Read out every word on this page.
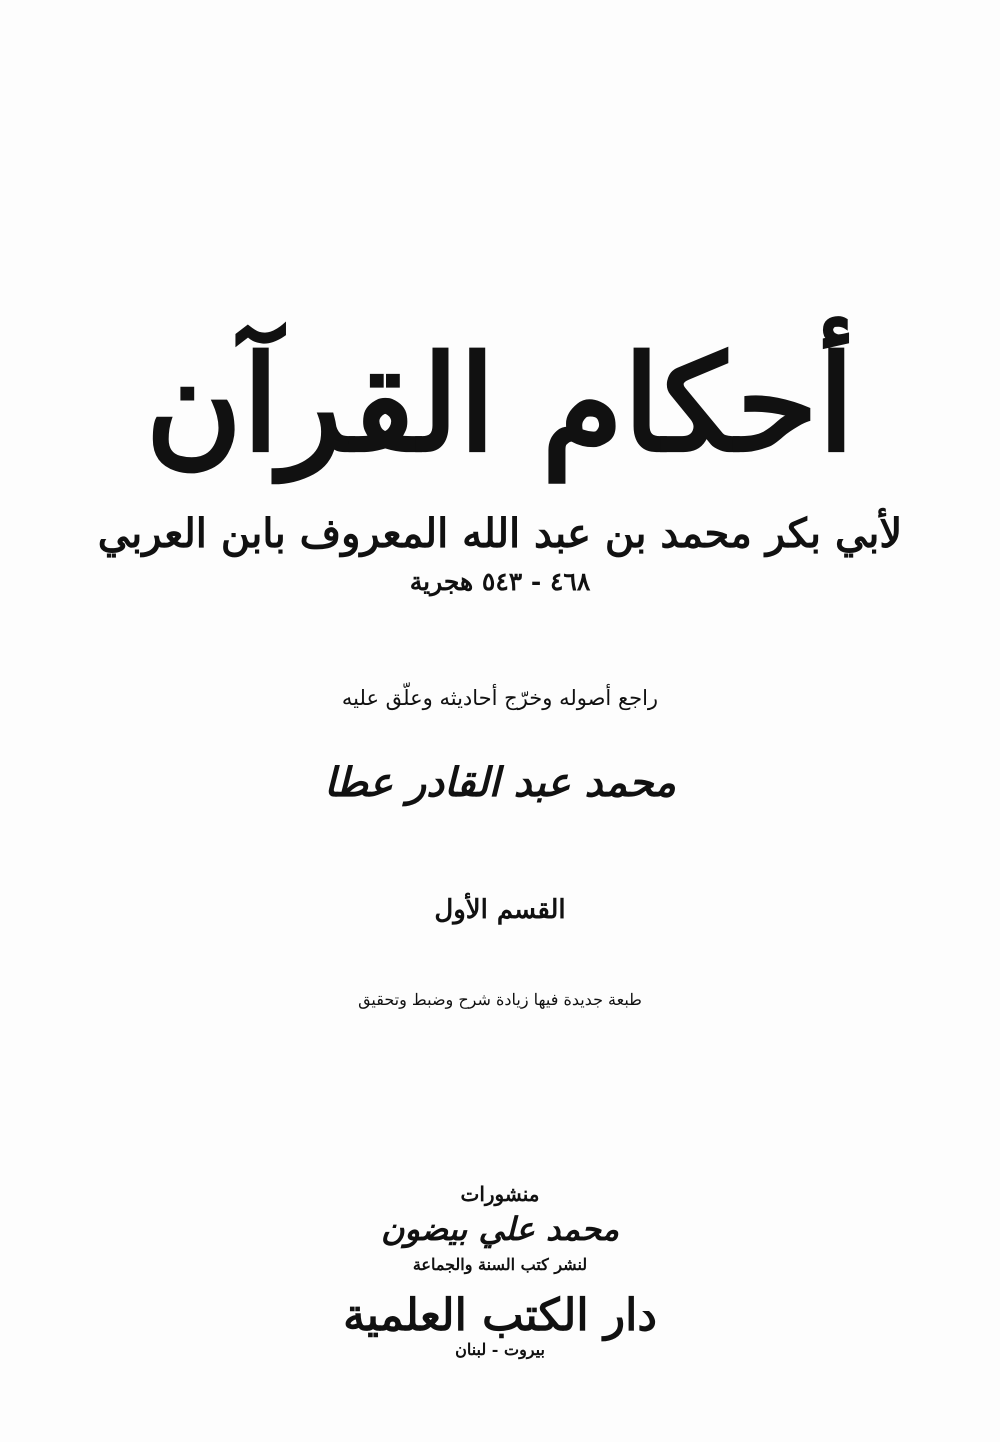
أحكام القرآن
لأبي بكر محمد بن عبد الله المعروف بابن العربي
٤٦٨ - ٥٤٣ هجرية
راجع أصوله وخرّج أحاديثه وعلّق عليه
محمد عبد القادر عطا
القسم الأول
طبعة جديدة فيها زيادة شرح وضبط وتحقيق
منشورات
محمد علي بيضون
لنشر كتب السنة والجماعة
دار الكتب العلمية
بيروت - لبنان
